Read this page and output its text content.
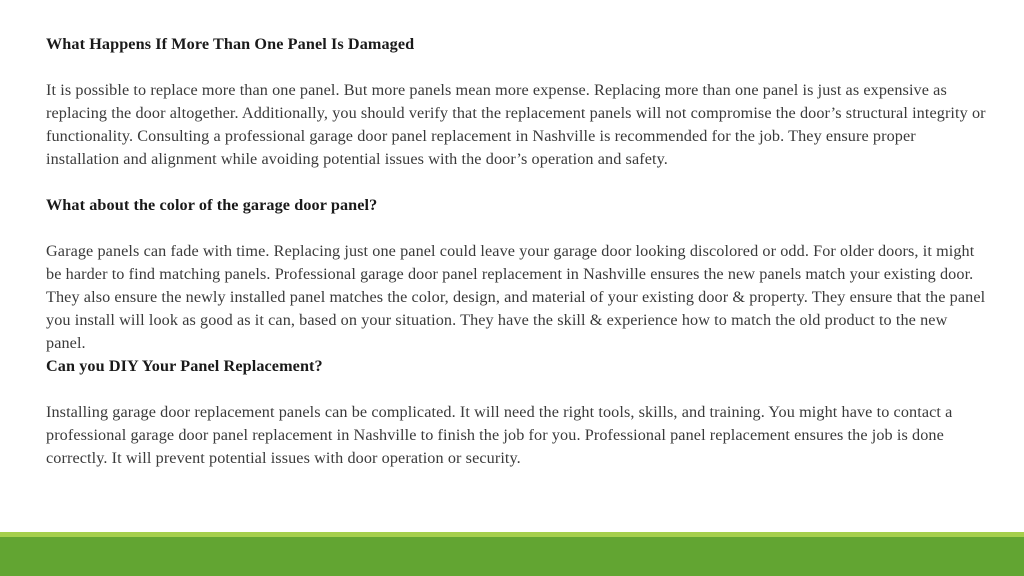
What Happens If More Than One Panel Is Damaged

It is possible to replace more than one panel. But more panels mean more expense. Replacing more than one panel is just as expensive as replacing the door altogether. Additionally, you should verify that the replacement panels will not compromise the door’s structural integrity or functionality. Consulting a professional garage door panel replacement in Nashville is recommended for the job. They ensure proper installation and alignment while avoiding potential issues with the door’s operation and safety.

What about the color of the garage door panel?

Garage panels can fade with time. Replacing just one panel could leave your garage door looking discolored or odd. For older doors, it might be harder to find matching panels. Professional garage door panel replacement in Nashville ensures the new panels match your existing door. They also ensure the newly installed panel matches the color, design, and material of your existing door & property. They ensure that the panel you install will look as good as it can, based on your situation. They have the skill & experience how to match the old product to the new panel.

Can you DIY Your Panel Replacement?

Installing garage door replacement panels can be complicated. It will need the right tools, skills, and training. You might have to contact a professional garage door panel replacement in Nashville to finish the job for you. Professional panel replacement ensures the job is done correctly. It will prevent potential issues with door operation or security.
